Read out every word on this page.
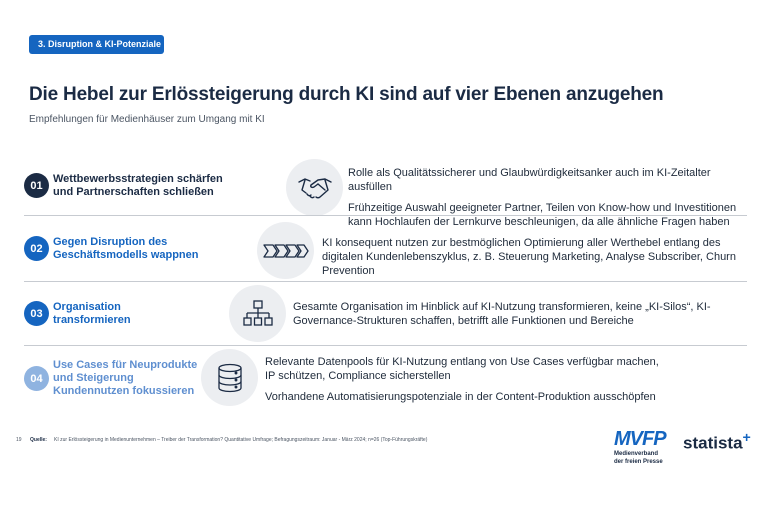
3. Disruption & KI-Potenziale
Die Hebel zur Erlössteigerung durch KI sind auf vier Ebenen anzugehen
Empfehlungen für Medienhäuser zum Umgang mit KI
01
Wettbewerbsstrategien schärfen und Partnerschaften schließen

Rolle als Qualitätssicherer und Glaubwürdigkeitsanker auch im KI-Zeitalter ausfüllen

Frühzeitige Auswahl geeigneter Partner, Teilen von Know-how und Investitionen kann Hochlaufen der Lernkurve beschleunigen, da alle ähnliche Fragen haben

02
Gegen Disruption des Geschäftsmodells wappnen

KI konsequent nutzen zur bestmöglichen Optimierung aller Werthebel entlang des digitalen Kundenlebenszyklus, z. B. Steuerung Marketing, Analyse Subscriber, Churn Prevention

03
Organisation transformieren

Gesamte Organisation im Hinblick auf KI-Nutzung transformieren, keine „KI-Silos“, KI-Governance-Strukturen schaffen, betrifft alle Funktionen und Bereiche

04
Use Cases für Neuprodukte und Steigerung Kundennutzen fokussieren

Relevante Datenpools für KI-Nutzung entlang von Use Cases verfügbar machen, IP schützen, Compliance sicherstellen

Vorhandene Automatisierungspotenziale in der Content-Produktion ausschöpfen

19 Quelle: KI zur Erlössteigerung in Medienunternehmen – Treiber der Transformation? Quantitative Umfrage; Befragungszeitraum: Januar - März 2024; n=26 (Top-Führungskräfte)	MVFP
Medienverband
der freien Presse
statista+
